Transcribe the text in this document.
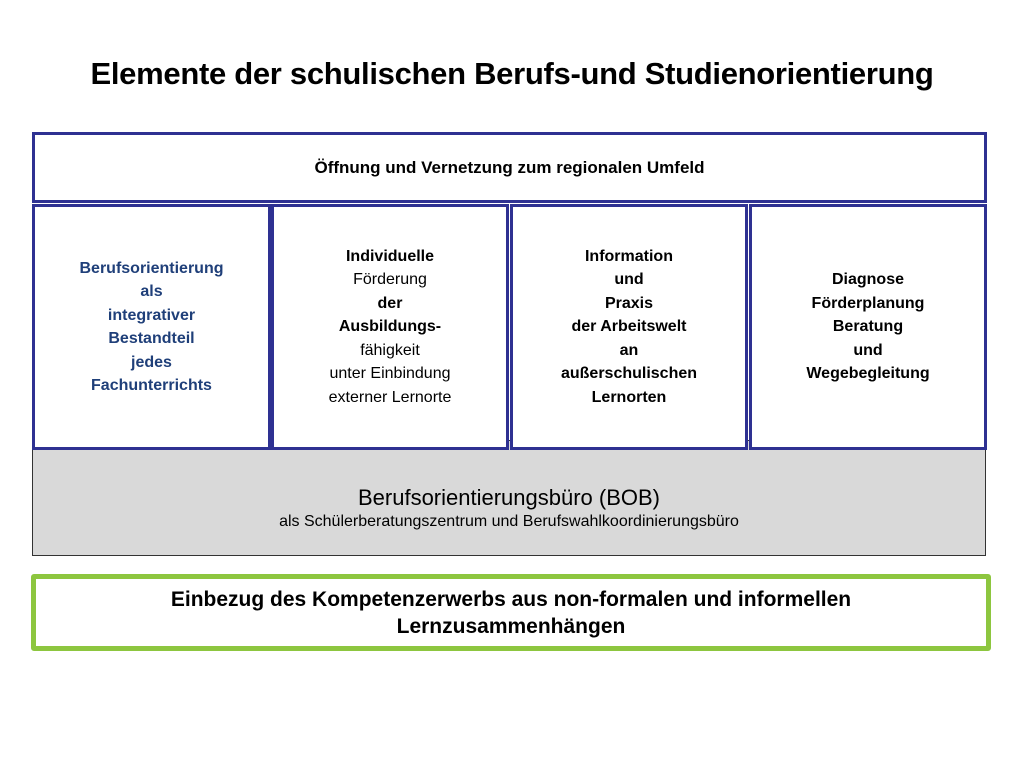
Elemente der schulischen Berufs-und Studienorientierung
Berufsorientierungsbüro (BOB)
als Schülerberatungszentrum und Berufswahlkoordinierungsbüro
Öffnung und Vernetzung zum regionalen Umfeld
Berufsorientierung
als
integrativer
Bestandteil
jedes
Fachunterrichts
Individuelle
Förderung
der
Ausbildungs-
fähigkeit
unter Einbindung
externer Lernorte
Information
und
Praxis
der Arbeitswelt
an
außerschulischen
Lernorten
Diagnose
Förderplanung
Beratung
und
Wegebegleitung
Einbezug des Kompetenzerwerbs aus non-formalen und informellen
Lernzusammenhängen
